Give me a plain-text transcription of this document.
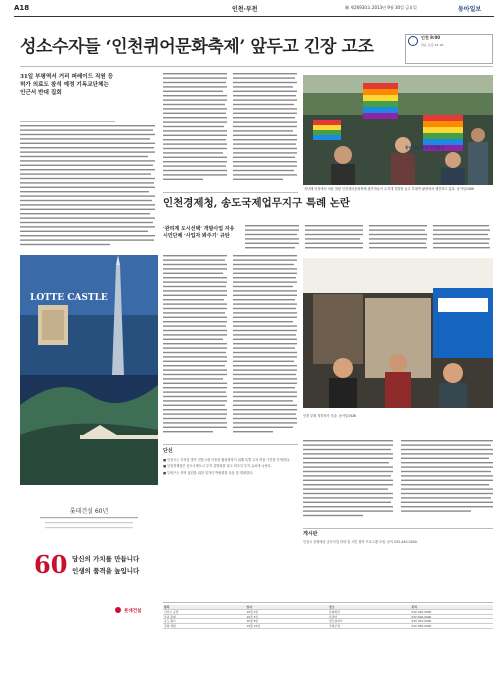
A18	인천·부천	制 제26930호 2013년 9월 30일 금요일	동아일보
성소수자들 ‘인천퀴어문화축제’ 앞두고 긴장 고조	인천 9:00
맑음 흐림 24 18
31일 부평역서 거리 퍼레이드 직원 등 허가 의료도 참석 예정 기독교단체는 인근서 반대 집회
지난해 인천에서 처음 열린 인천퀴어문화축제 참가자들이 무지개 깃발을 들고 부평역 광장에서 행진하고 있다. 동아일보DB
동아일보 인천·부천본부
기사제보 032-427-1201
광고문의 032-427-1202
구독신청 032-427-1201
인천경제청, 송도국제업무지구 특례 논란
‘관리계 도시선택’ 개발사업 자유 시민단체 ‘사업자 봐주기’ 규탄
인천 부평 지하상가 모습. 동아일보DB
LOTTE CASTLE
롯데건설 60년
60 당신의 가치를 만듭니다
인생의 품격을 높입니다
롯데건설
단신
■ 인천시는 추석을 맞아 전통시장 이용을 활성화하기 위해 특별 주차 허용 구간을 운영한다.
■ 인천경제청은 송도국제도시 투자 설명회를 열고 외국인 투자 유치에 나선다.
■ 부평구는 지역 청년을 위한 일자리 박람회를 다음 달 개최한다.
게시판
인천시 문화예술 공모사업 안내 및 시민 참여 프로그램 모집. 문의 032-440-0000.
항목	일자	장소	문의
인천시 공연	10월 2일	문화회관	032-420-0000
부평 축제	10월 5일	부평역	032-509-0000
송도 행사	10월 8일	센트럴파크	032-453-0000
강화 체험	10월 12일	강화군청	032-930-0000
